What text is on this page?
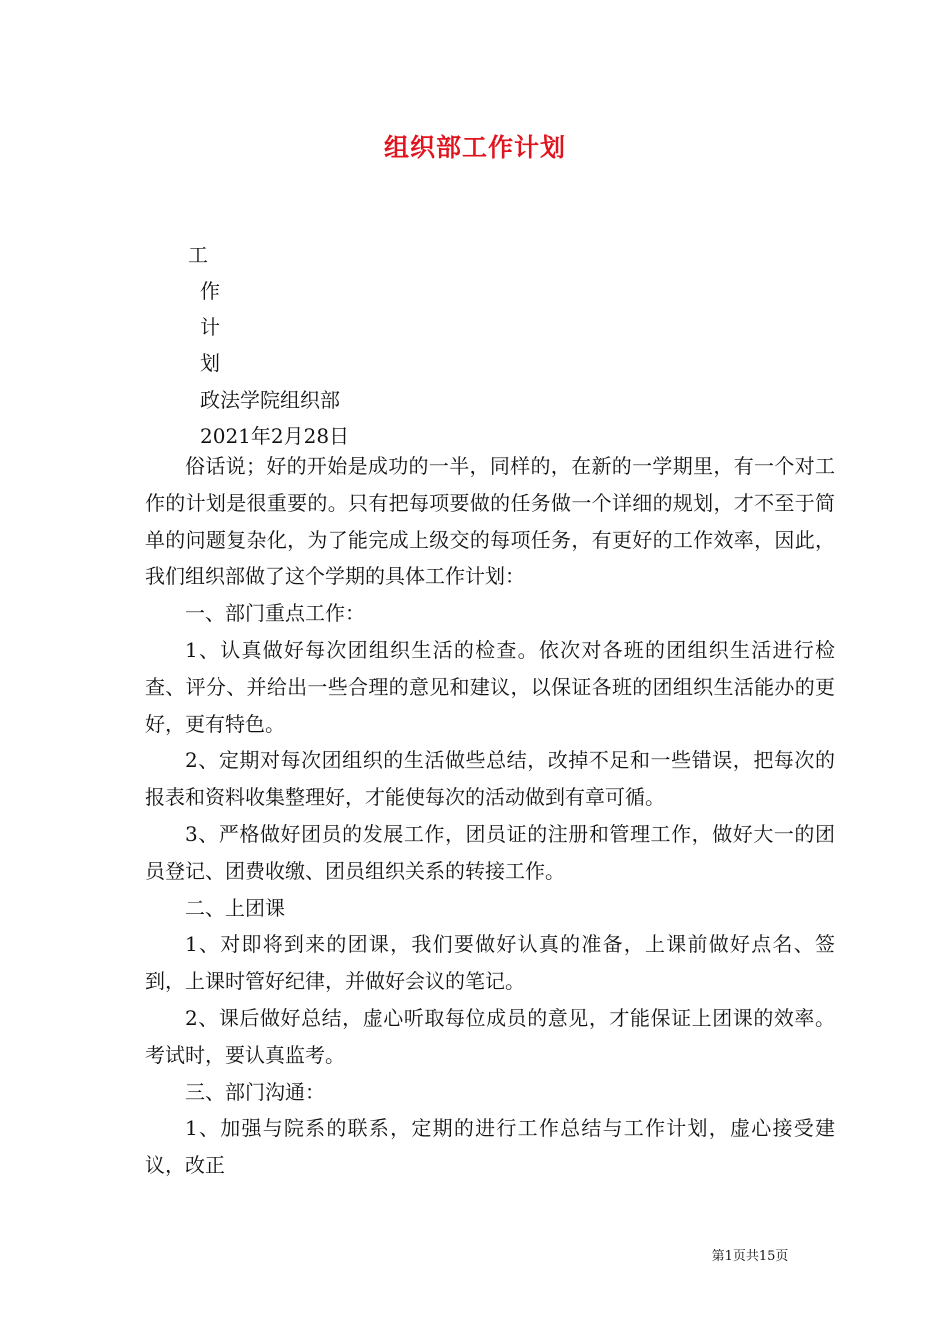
组织部工作计划
工
作
计
划
政法学院组织部
2021年2月28日

俗话说；好的开始是成功的一半，同样的，在新的一学期里，有一个对工作的计划是很重要的。只有把每项要做的任务做一个详细的规划，才不至于简单的问题复杂化，为了能完成上级交的每项任务，有更好的工作效率，因此，我们组织部做了这个学期的具体工作计划：

一、部门重点工作：

1、认真做好每次团组织生活的检查。依次对各班的团组织生活进行检查、评分、并给出一些合理的意见和建议，以保证各班的团组织生活能办的更好，更有特色。

2、定期对每次团组织的生活做些总结，改掉不足和一些错误，把每次的报表和资料收集整理好，才能使每次的活动做到有章可循。

3、严格做好团员的发展工作，团员证的注册和管理工作，做好大一的团员登记、团费收缴、团员组织关系的转接工作。

二、上团课

1、对即将到来的团课，我们要做好认真的准备，上课前做好点名、签到，上课时管好纪律，并做好会议的笔记。

2、课后做好总结，虚心听取每位成员的意见，才能保证上团课的效率。考试时，要认真监考。

三、部门沟通：

1、加强与院系的联系，定期的进行工作总结与工作计划，虚心接受建议，改正

第1页共15页
